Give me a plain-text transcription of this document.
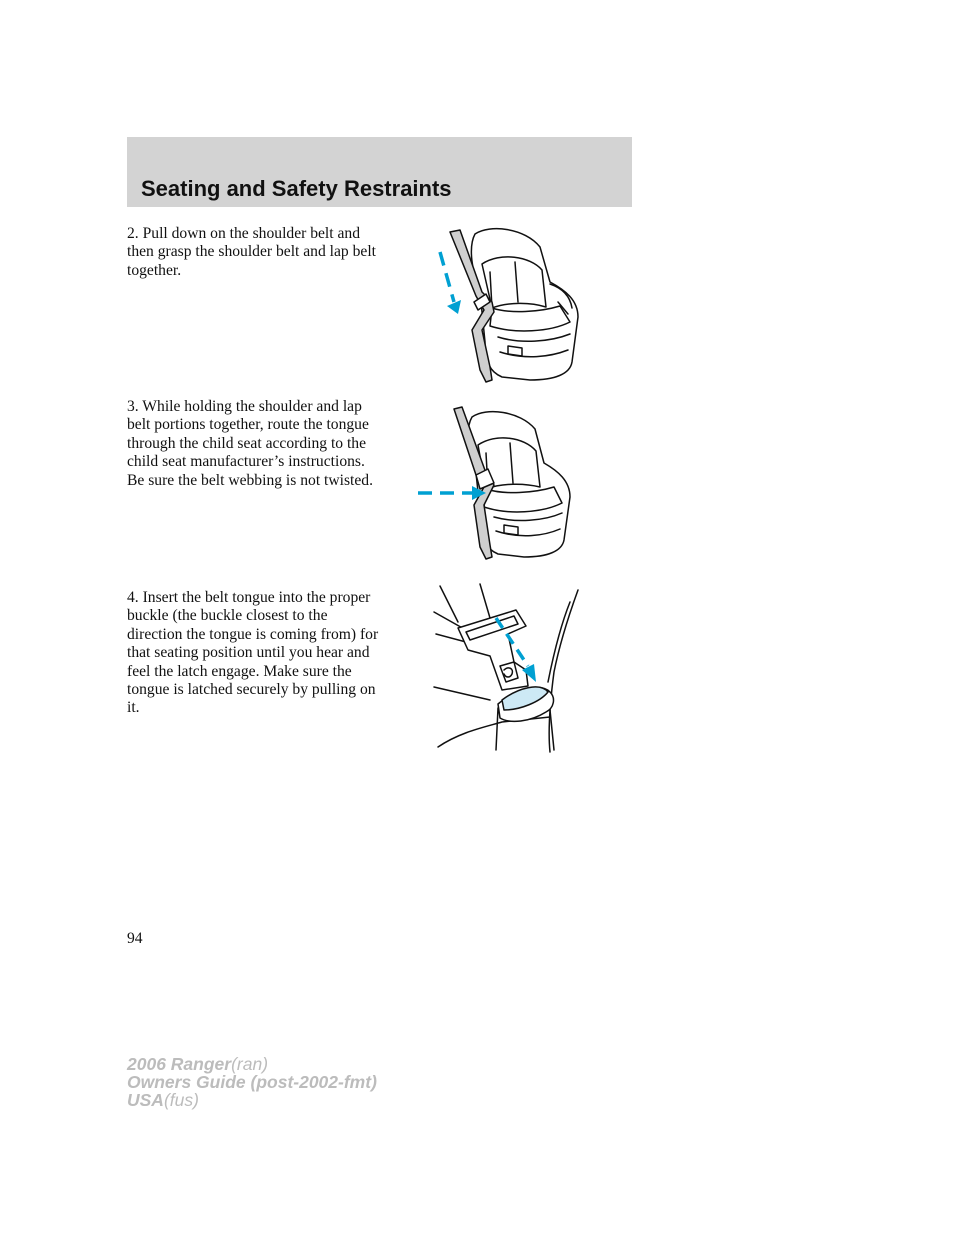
Seating and Safety Restraints

2. Pull down on the shoulder belt and then grasp the shoulder belt and lap belt together.

3. While holding the shoulder and lap belt portions together, route the tongue through the child seat according to the child seat manufacturer’s instructions. Be sure the belt webbing is not twisted.

4. Insert the belt tongue into the proper buckle (the buckle closest to the direction the tongue is coming from) for that seating position until you hear and feel the latch engage. Make sure the tongue is latched securely by pulling on it.

94
2006 Ranger(ran)
Owners Guide (post-2002-fmt)
USA(fus)
